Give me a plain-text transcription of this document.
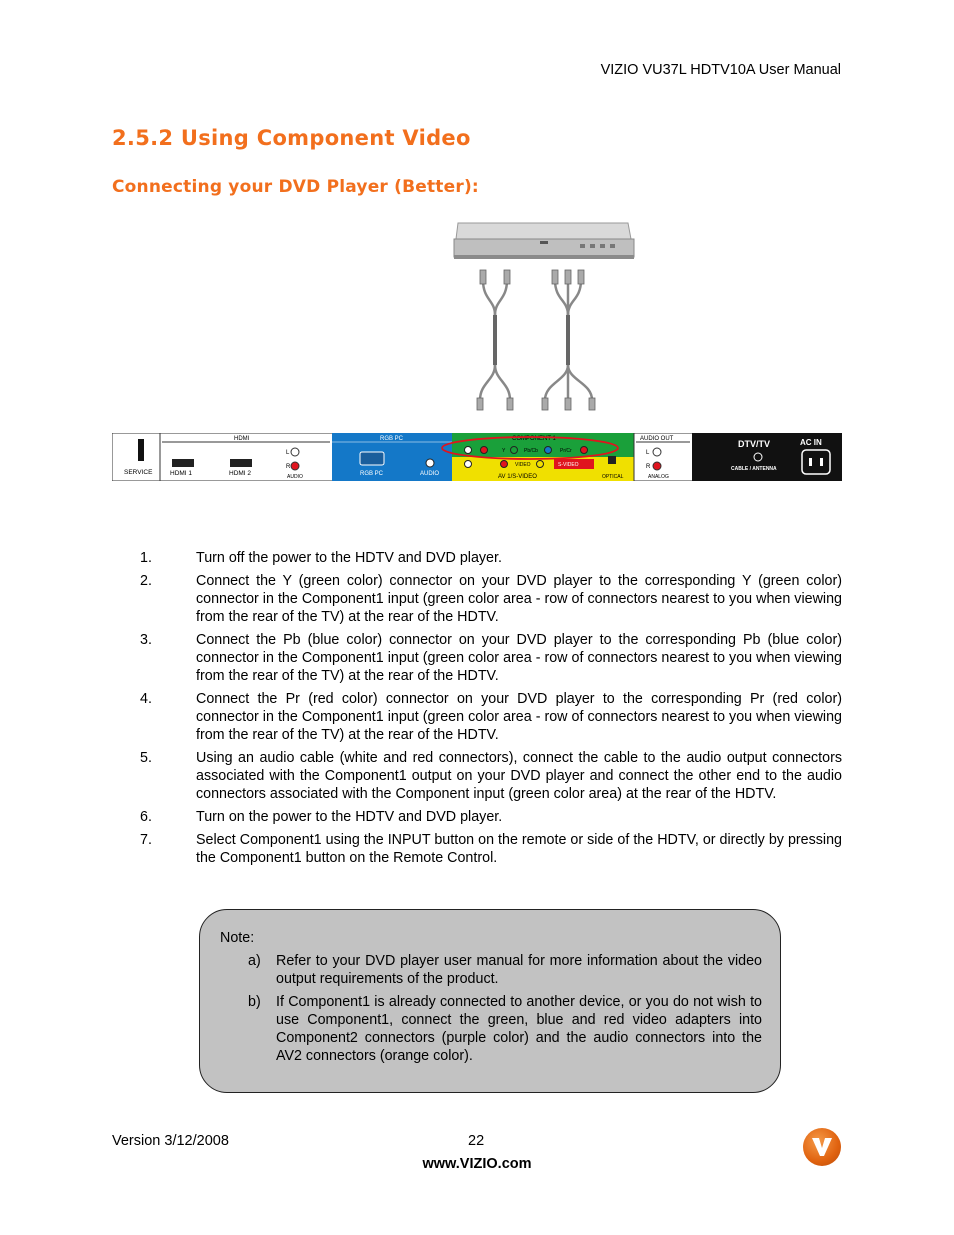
VIZIO VU37L HDTV10A User Manual
2.5.2 Using Component Video
Connecting your DVD Player (Better):
SERVICE
HDMI
HDMI 1	HDMI 2
L
R
AUDIO
RGB PC
RGB PC	AUDIO
COMPONENT 1
Y	Pb/Cb	Pr/Cr
VIDEO	S-VIDEO
AV 1/S-VIDEO
AUDIO OUT
OPTICAL
L
R
ANALOG
DTV/TV
CABLE / ANTENNA
AC IN
1.	Turn off the power to the HDTV and DVD player.
2.	Connect the Y (green color) connector on your DVD player to the corresponding Y (green color) connector in the Component1 input (green color area - row of connectors nearest to you when viewing from the rear of the TV) at the rear of the HDTV.
3.	Connect the Pb (blue color) connector on your DVD player to the corresponding Pb (blue color) connector in the Component1 input (green color area - row of connectors nearest to you when viewing from the rear of the TV) at the rear of the HDTV.
4.	Connect the Pr (red color) connector on your DVD player to the corresponding Pr (red color) connector in the Component1 input (green color area - row of connectors nearest to you when viewing from the rear of the TV) at the rear of the HDTV.
5.	Using an audio cable (white and red connectors), connect the cable to the audio output connectors associated with the Component1 output on your DVD player and connect the other end to the audio connectors associated with the Component input (green color area) at the rear of the HDTV.
6.	Turn on the power to the HDTV and DVD player.
7.	Select Component1 using the INPUT button on the remote or side of the HDTV, or directly by pressing the Component1 button on the Remote Control.
Note:
a)	Refer to your DVD player user manual for more information about the video output requirements of the product.
b)	If Component1 is already connected to another device, or you do not wish to use Component1, connect the green, blue and red video adapters into Component2 connectors (purple color) and the audio connectors into the AV2 connectors (orange color).
Version 3/12/2008	22
www.VIZIO.com
